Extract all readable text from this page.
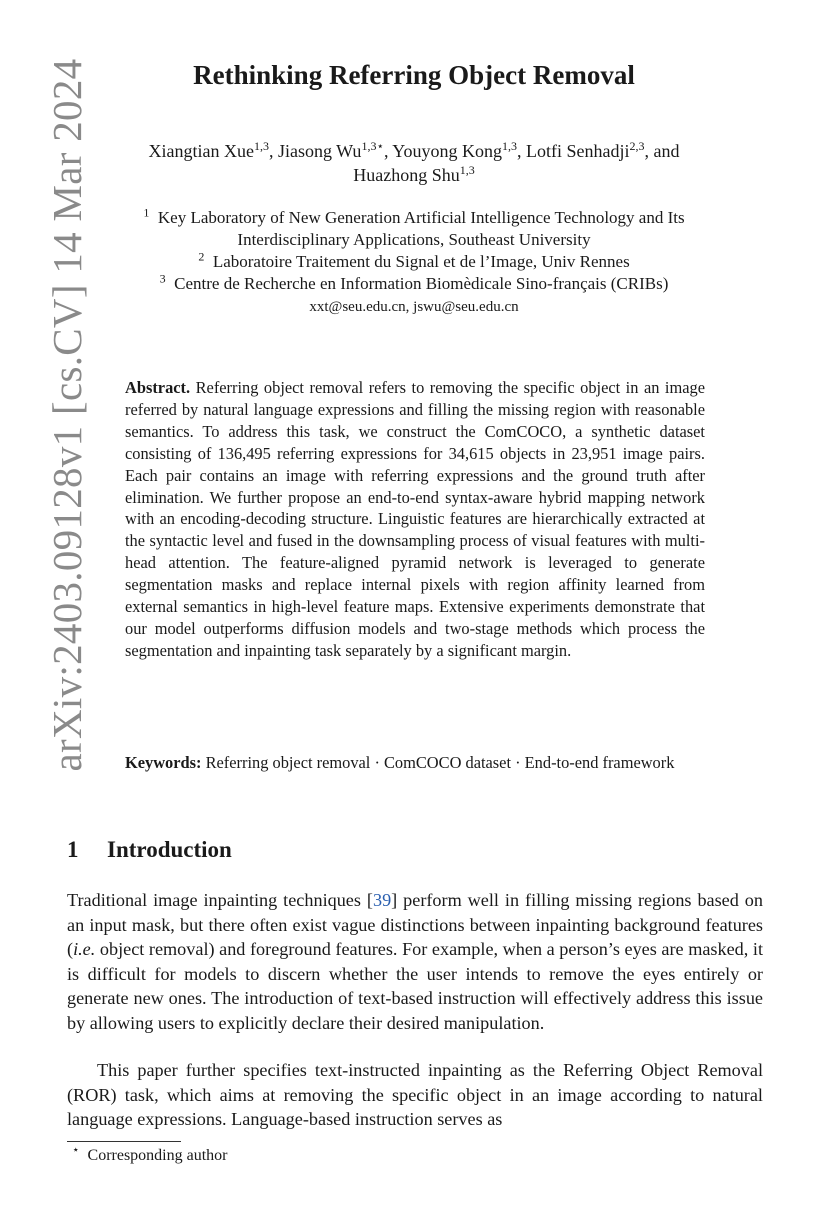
arXiv:2403.09128v1 [cs.CV] 14 Mar 2024	Rethinking Referring Object Removal
Xiangtian Xue$^{1,3}$, Jiasong $Wu^{1,3⋆}$, Youyong Kong$^{1,3}$, Lotfi Senhadji$^{2,3}$, and
Huazhong Shu$^{1,3}$
$^1$ Key Laboratory of New Generation Artificial Intelligence Technology and Its
Interdisciplinary Applications, Southeast University
$^2$ Laboratoire Traitement du Signal et de l’Image, Univ Rennes
$^3$ Centre de Recherche en Information Biomèdicale Sino-français (CRIBs)
xxt@seu.edu.cn, jswu@seu.edu.cn
Abstract. Referring object removal refers to removing the specific object in an image referred by natural language expressions and filling the missing region with reasonable semantics. To address this task, we construct the ComCOCO, a synthetic dataset consisting of 136,495 referring expressions for 34,615 objects in 23,951 image pairs. Each pair contains an image with referring expressions and the ground truth after elimination. We further propose an end-to-end syntax-aware hybrid mapping network with an encoding-decoding structure. Linguistic features are hierarchically extracted at the syntactic level and fused in the downsampling process of visual features with multi-head attention. The feature-aligned pyramid network is leveraged to generate segmentation masks and replace internal pixels with region affinity learned from external semantics in high-level feature maps. Extensive experiments demonstrate that our model outperforms diffusion models and two-stage methods which process the segmentation and inpainting task separately by a significant margin.
Keywords: Referring object removal · ComCOCO dataset · End-to-end framework
1 Introduction

Traditional image inpainting techniques [39] perform well in filling missing regions based on an input mask, but there often exist vague distinctions between inpainting background features (i.e. object removal) and foreground features. For example, when a person’s eyes are masked, it is difficult for models to discern whether the user intends to remove the eyes entirely or generate new ones. The introduction of text-based instruction will effectively address this issue by allowing users to explicitly declare their desired manipulation.

This paper further specifies text-instructed inpainting as the Referring Object Removal (ROR) task, which aims at removing the specific object in an image according to natural language expressions. Language-based instruction serves as

⋆ Corresponding author
